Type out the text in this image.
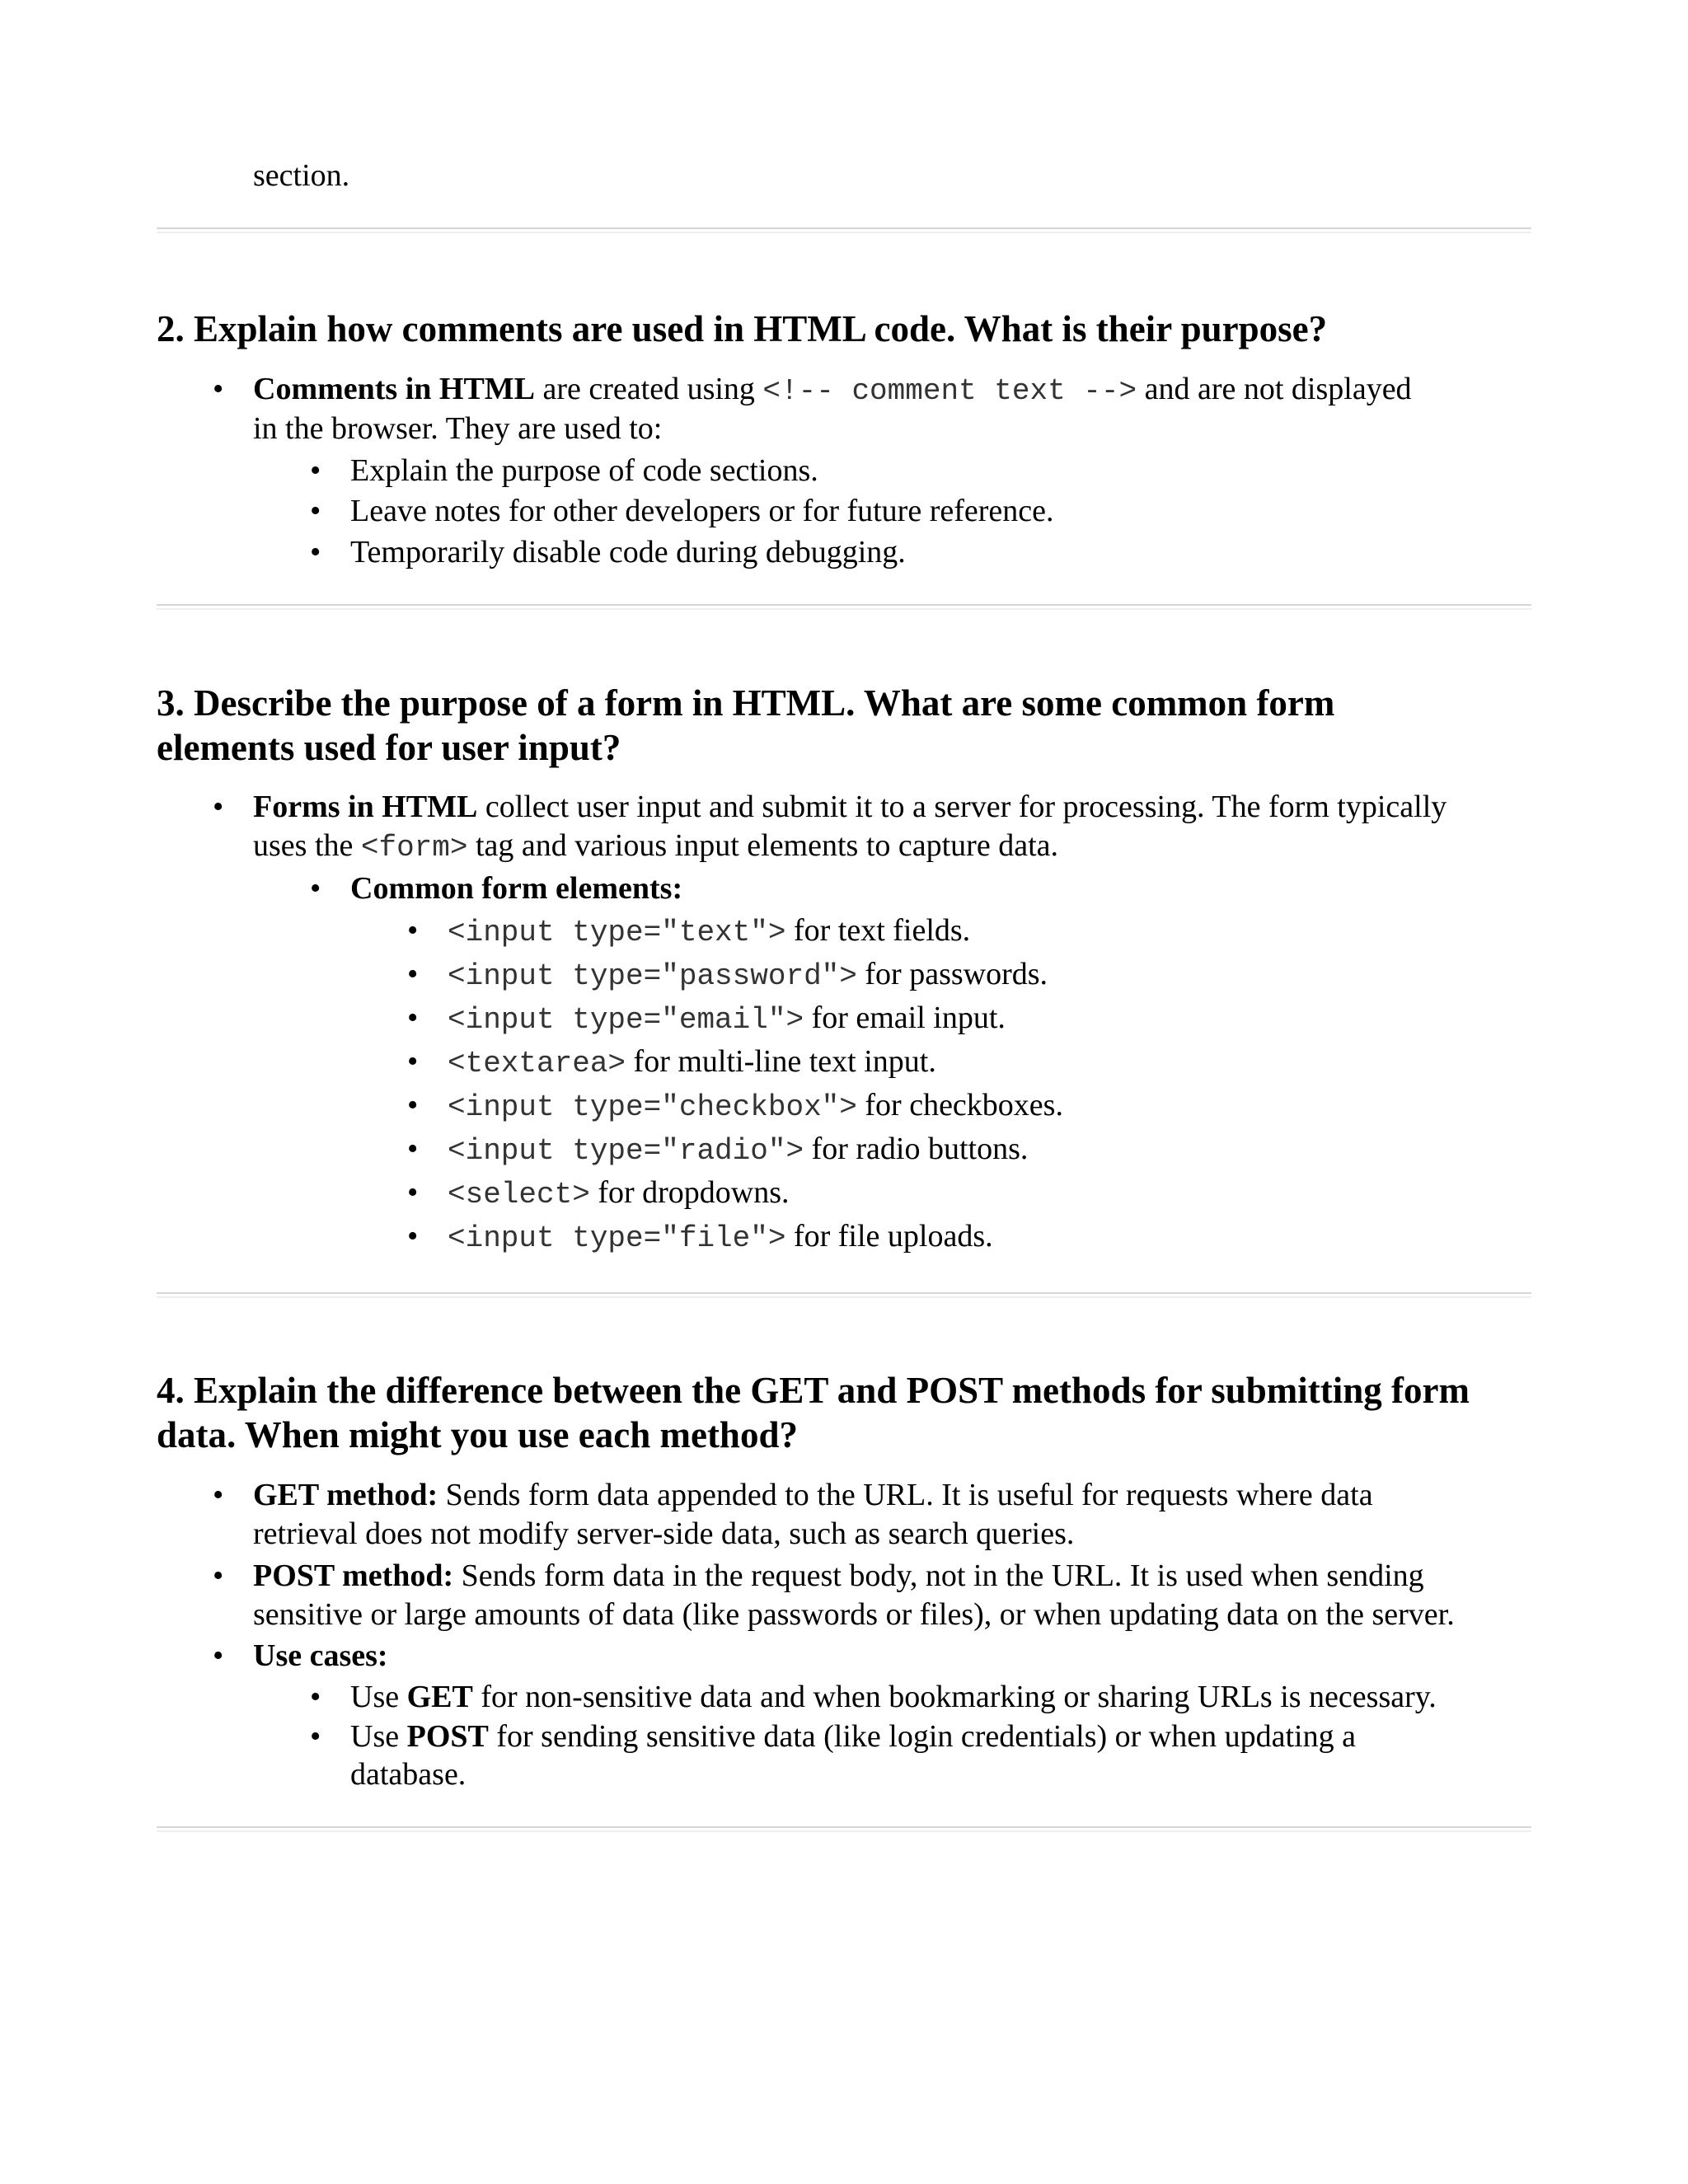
section.
2. Explain how comments are used in HTML code. What is their purpose?
• Comments in HTML are created using <!-- comment text --> and are not displayed
in the browser. They are used to:
• Explain the purpose of code sections.
• Leave notes for other developers or for future reference.
• Temporarily disable code during debugging.
3. Describe the purpose of a form in HTML. What are some common form
elements used for user input?
• Forms in HTML collect user input and submit it to a server for processing. The form typically
uses the <form> tag and various input elements to capture data.
• Common form elements:
• <input type="text"> for text fields.
• <input type="password"> for passwords.
• <input type="email"> for email input.
• <textarea> for multi-line text input.
• <input type="checkbox"> for checkboxes.
• <input type="radio"> for radio buttons.
• <select> for dropdowns.
• <input type="file"> for file uploads.
4. Explain the difference between the GET and POST methods for submitting form
data. When might you use each method?
• GET method: Sends form data appended to the URL. It is useful for requests where data
retrieval does not modify server-side data, such as search queries.
• POST method: Sends form data in the request body, not in the URL. It is used when sending
sensitive or large amounts of data (like passwords or files), or when updating data on the server.
• Use cases:
• Use GET for non-sensitive data and when bookmarking or sharing URLs is necessary.
• Use POST for sending sensitive data (like login credentials) or when updating a
database.
